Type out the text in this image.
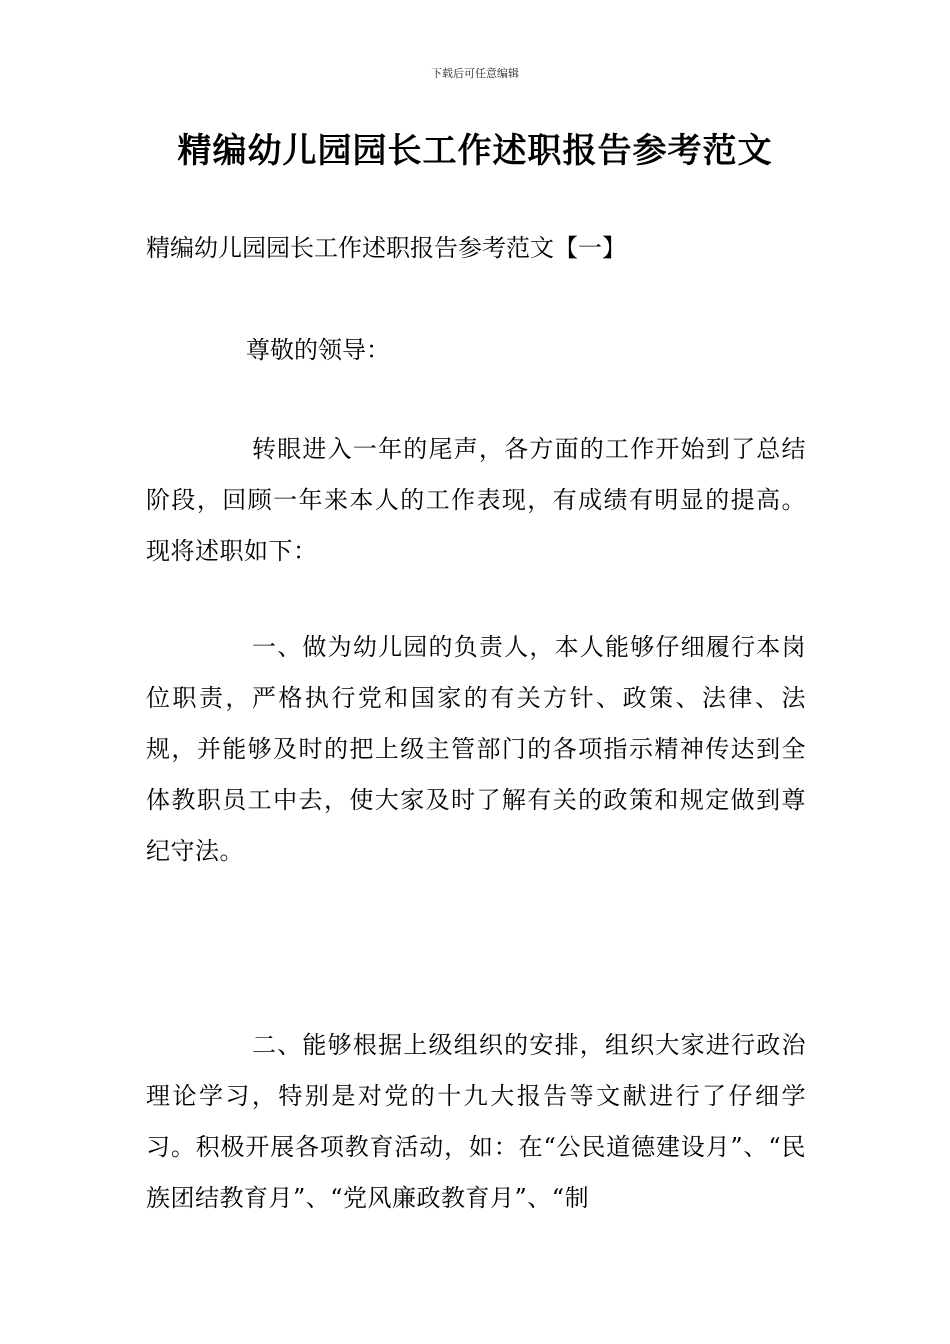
下载后可任意编辑
精编幼儿园园长工作述职报告参考范文
精编幼儿园园长工作述职报告参考范文【一】
尊敬的领导：
转眼进入一年的尾声，各方面的工作开始到了总结阶段，回顾一年来本人的工作表现，有成绩有明显的提高。现将述职如下：
一、做为幼儿园的负责人，本人能够仔细履行本岗位职责，严格执行党和国家的有关方针、政策、法律、法规，并能够及时的把上级主管部门的各项指示精神传达到全体教职员工中去，使大家及时了解有关的政策和规定做到尊纪守法。
二、能够根据上级组织的安排，组织大家进行政治理论学习，特别是对党的十九大报告等文献进行了仔细学习。积极开展各项教育活动，如：在“公民道德建设月”、“民族团结教育月”、“党风廉政教育月”、“制
